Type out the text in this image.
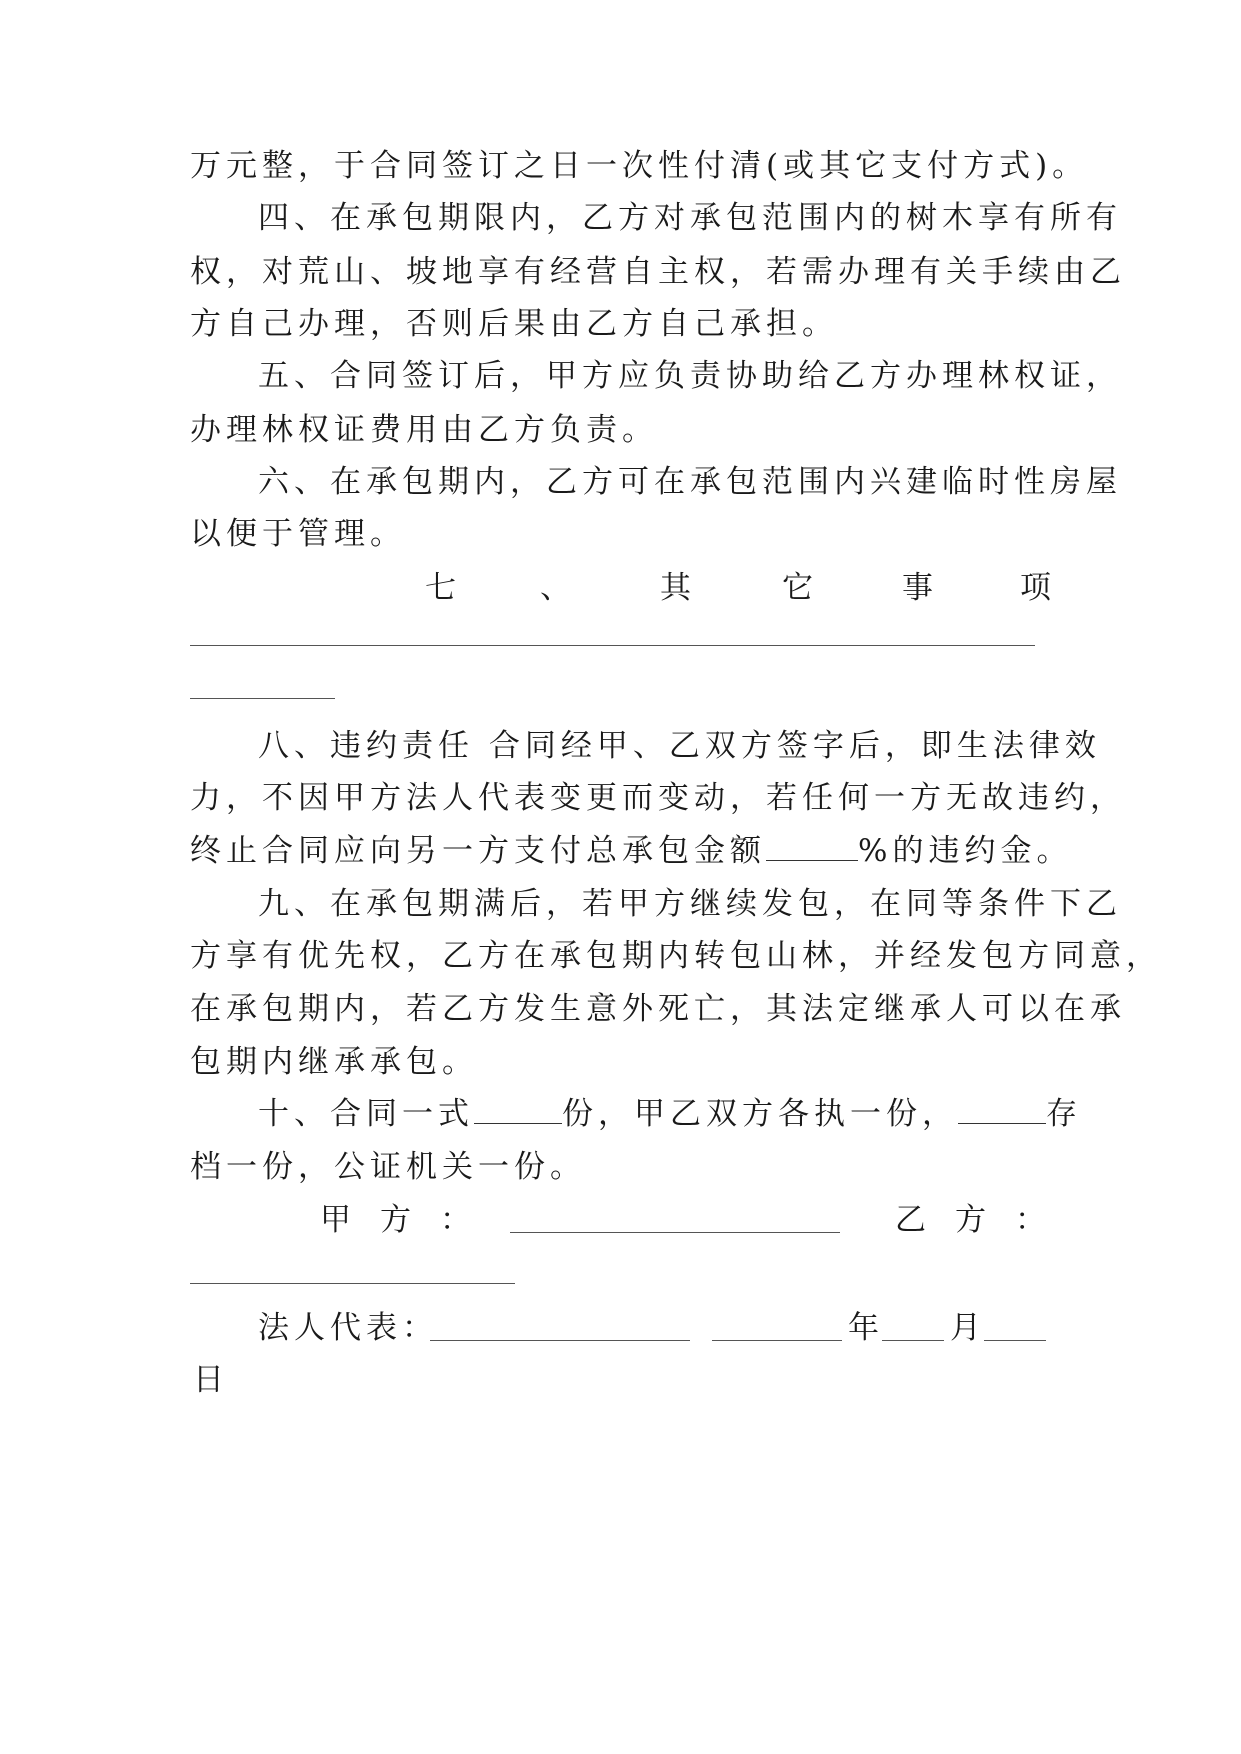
万元整，于合同签订之日一次性付清(或其它支付方式)。
四、在承包期限内，乙方对承包范围内的树木享有所有
权，对荒山、坡地享有经营自主权，若需办理有关手续由乙
方自己办理，否则后果由乙方自己承担。
五、合同签订后，甲方应负责协助给乙方办理林权证，
办理林权证费用由乙方负责。
六、在承包期内，乙方可在承包范围内兴建临时性房屋
以便于管理。
七	、	其	它	事	项
八、违约责任 合同经甲、乙双方签字后，即生法律效
力，不因甲方法人代表变更而变动，若任何一方无故违约，
终止合同应向另一方支付总承包金额	%的违约金。
九、在承包期满后，若甲方继续发包，在同等条件下乙
方享有优先权，乙方在承包期内转包山林，并经发包方同意，
在承包期内，若乙方发生意外死亡，其法定继承人可以在承
包期内继承承包。
十、合同一式	份，甲乙双方各执一份，	存
档一份，公证机关一份。
甲 方 ：	乙 方 ：
法人代表：	年 月
日
